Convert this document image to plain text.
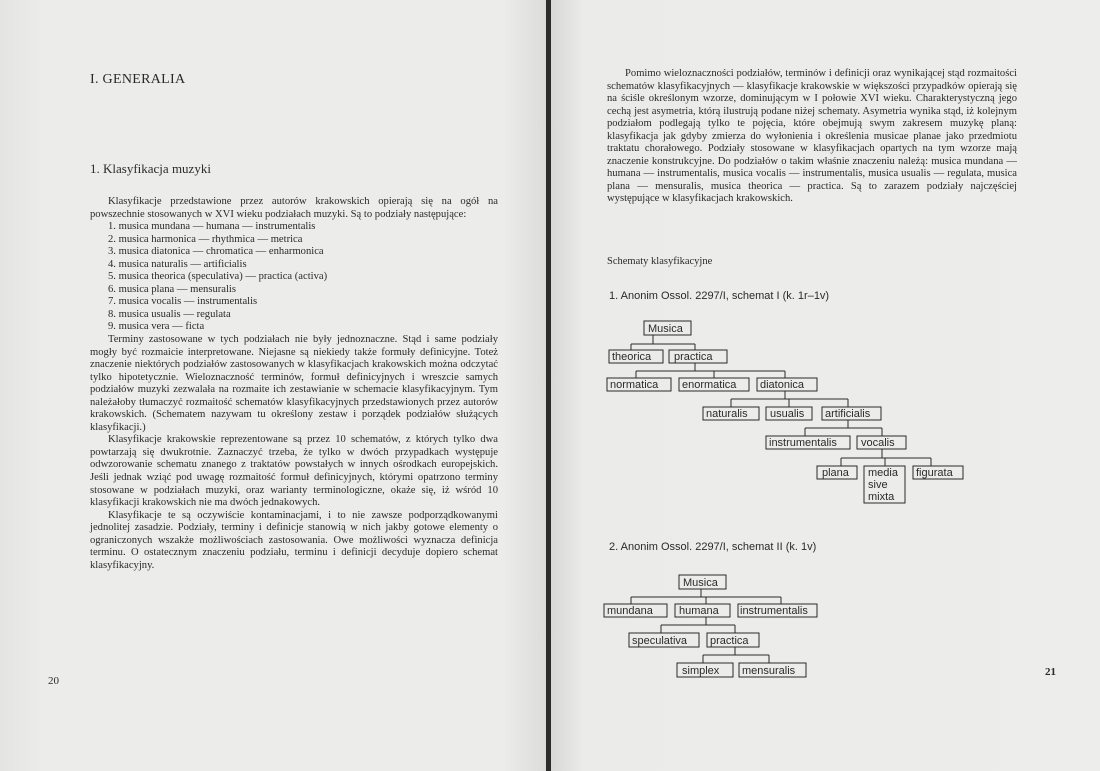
I. GENERALIA
1. Klasyfikacja muzyki

Klasyfikacje przedstawione przez autorów krakowskich opierają się na ogół na powszechnie stosowanych w XVI wieku podziałach muzyki. Są to podziały następujące:

1. musica mundana — humana — instrumentalis
2. musica harmonica — rhythmica — metrica
3. musica diatonica — chromatica — enharmonica
4. musica naturalis — artificialis
5. musica theorica (speculativa) — practica (activa)
6. musica plana — mensuralis
7. musica vocalis — instrumentalis
8. musica usualis — regulata
9. musica vera — ficta

Terminy zastosowane w tych podziałach nie były jednoznaczne. Stąd i same podziały mogły być rozmaicie interpretowane. Niejasne są niekiedy także formuły definicyjne. Toteż znaczenie niektórych podziałów zastosowanych w klasyfikacjach krakowskich można odczytać tylko hipotetycznie. Wieloznaczność terminów, formuł definicyjnych i wreszcie samych podziałów muzyki zezwalała na rozmaite ich zestawianie w schemacie klasyfikacyjnym. Tym należałoby tłumaczyć rozmaitość schematów klasyfikacyjnych przedstawionych przez autorów krakowskich. (Schematem nazywam tu określony zestaw i porządek podziałów służących klasyfikacji.)

Klasyfikacje krakowskie reprezentowane są przez 10 schematów, z których tylko dwa powtarzają się dwukrotnie. Zaznaczyć trzeba, że tylko w dwóch przypadkach występuje odwzorowanie schematu znanego z traktatów powstałych w innych ośrodkach europejskich. Jeśli jednak wziąć pod uwagę rozmaitość formuł definicyjnych, którymi opatrzono terminy stosowane w podziałach muzyki, oraz warianty terminologiczne, okaże się, iż wśród 10 klasyfikacji krakowskich nie ma dwóch jednakowych.

Klasyfikacje te są oczywiście kontaminacjami, i to nie zawsze podporządkowanymi jednolitej zasadzie. Podziały, terminy i definicje stanowią w nich jakby gotowe elementy o ograniczonych wszakże możliwościach zastosowania. Owe możliwości wyznacza definicja terminu. O ostatecznym znaczeniu podziału, terminu i definicji decyduje dopiero schemat klasyfikacyjny.

20

Pomimo wieloznaczności podziałów, terminów i definicji oraz wynikającej stąd rozmaitości schematów klasyfikacyjnych — klasyfikacje krakowskie w większości przypadków opierają się na ściśle określonym wzorze, dominującym w I połowie XVI wieku. Charakterystyczną jego cechą jest asymetria, którą ilustrują podane niżej schematy. Asymetria wynika stąd, iż kolejnym podziałom podlegają tylko te pojęcia, które obejmują swym zakresem muzykę planą: klasyfikacja jak gdyby zmierza do wyłonienia i określenia musicae planae jako przedmiotu traktatu chorałowego. Podziały stosowane w klasyfikacjach opartych na tym wzorze mają znaczenie konstrukcyjne. Do podziałów o takim właśnie znaczeniu należą: musica mundana — humana — instrumentalis, musica vocalis — instrumentalis, musica usualis — regulata, musica plana — mensuralis, musica theorica — practica. Są to zarazem podziały najczęściej występujące w klasyfikacjach krakowskich.

Schematy klasyfikacyjne
1. Anonim Ossol. 2297/I, schemat I (k. 1r–1v)
Musica
theorica practica
normatica enormatica diatonica
naturalis usualis artificialis
instrumentalis vocalis
plana media
sive
mixta
figurata
2. Anonim Ossol. 2297/I, schemat II (k. 1v)
Musica
mundana humana instrumentalis
speculativa practica
simplex mensuralis	21
